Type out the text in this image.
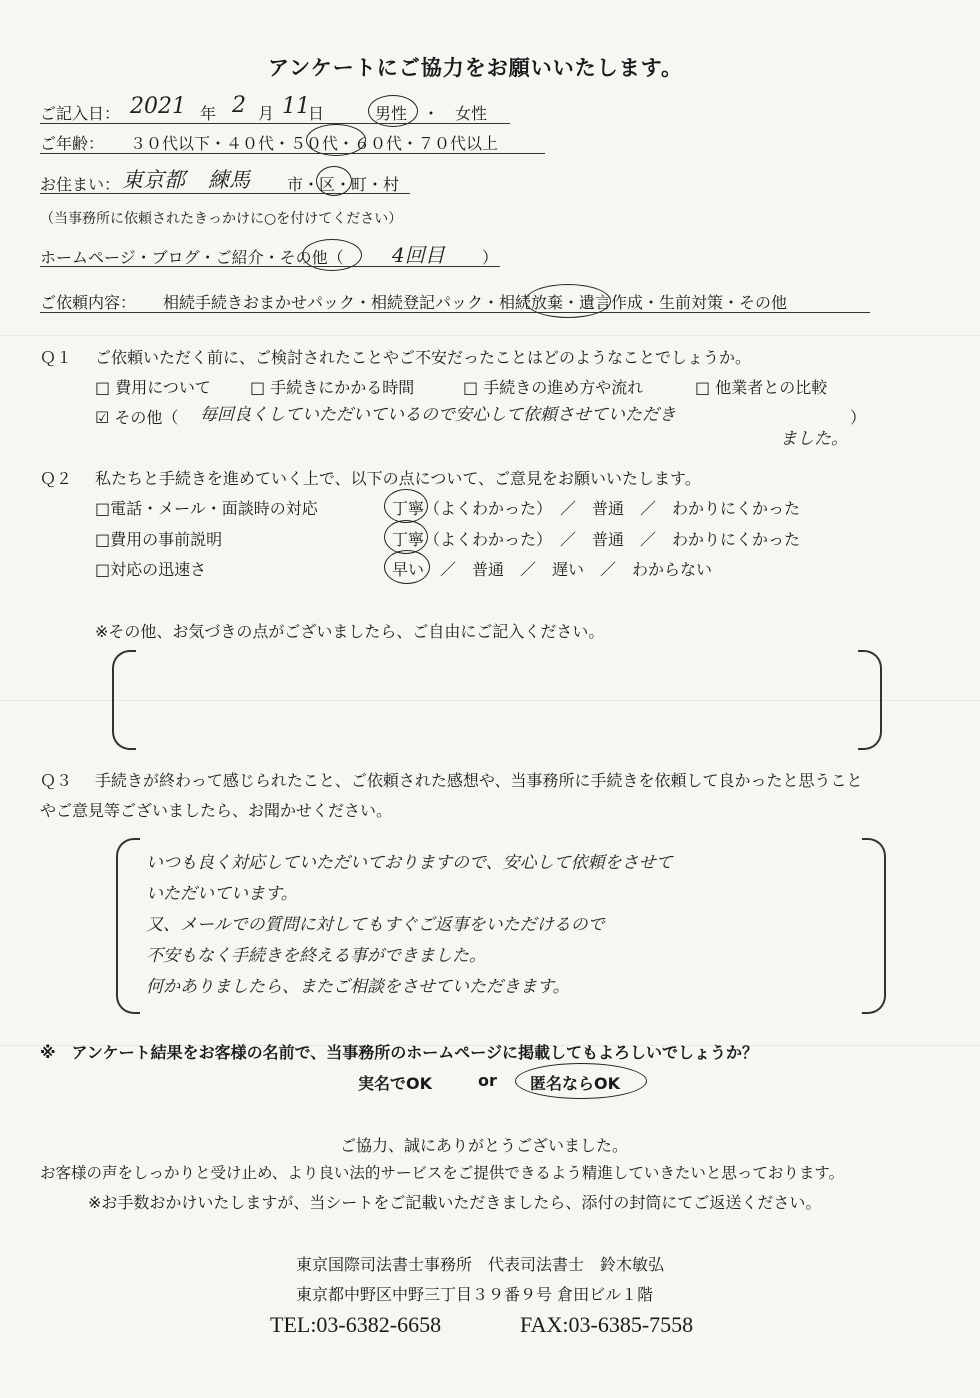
アンケートにご協力をお願いいたします。
ご記入日： 2021 年 2 月 11
日	男性　・　女性
ご年齢： ３０代以下・４０代・５０代・６０代・７０代以上
お住まい： 東京都 練馬 市・区・町・村
（当事務所に依頼されたきっかけに○を付けてください）
ホームページ・ブログ・ご紹介・その他（ 4回目 ）
ご依頼内容： 相続手続きおまかせパック・相続登記パック・相続放棄・遺言作成・生前対策・その他
Ｑ１ ご依頼いただく前に、ご検討されたことやご不安だったことはどのようなことでしょうか。
□ 費用について □ 手続きにかかる時間	□ 手続きの進め方や流れ	□ 他業者との比較
☑ その他（ 毎回良くしていただいているので安心して依頼させていただき	）
ました。
Ｑ２ 私たちと手続きを進めていく上で、以下の点について、ご意見をお願いいたします。
□電話・メール・面談時の対応	丁寧（よくわかった）　／　普通　／　わかりにくかった
□費用の事前説明	丁寧（よくわかった）　／　普通　／　わかりにくかった
□対応の迅速さ	早い　／　普通　／　遅い　／　わからない
※その他、お気づきの点がございましたら、ご自由にご記入ください。
Ｑ３ 手続きが終わって感じられたこと、ご依頼された感想や、当事務所に手続きを依頼して良かったと思うこと
やご意見等ございましたら、お聞かせください。
いつも良く対応していただいておりますので、安心して依頼をさせて
いただいています。
又、メールでの質問に対してもすぐご返事をいただけるので
不安もなく手続きを終える事ができました。
何かありましたら、またご相談をさせていただきます。
※　アンケート結果をお客様の名前で、当事務所のホームページに掲載してもよろしいでしょうか？
実名でOK	or 匿名ならOK
ご協力、誠にありがとうございました。
お客様の声をしっかりと受け止め、より良い法的サービスをご提供できるよう精進していきたいと思っております。
※お手数おかけいたしますが、当シートをご記載いただきましたら、添付の封筒にてご返送ください。
東京国際司法書士事務所　代表司法書士　鈴木敏弘
東京都中野区中野三丁目３９番９号 倉田ビル１階
TEL:03-6382-6658	FAX:03-6385-7558
